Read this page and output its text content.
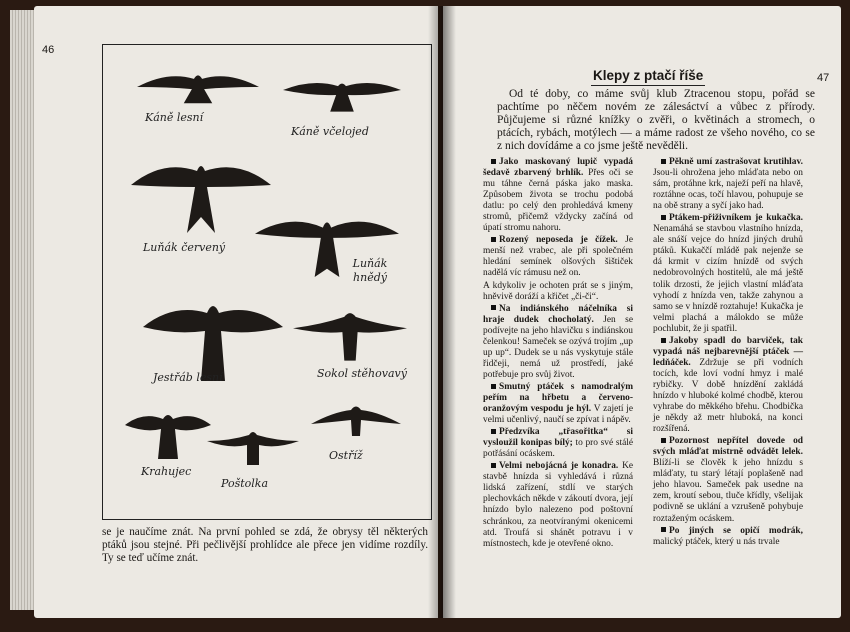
46
Káně lesní
Káně včelojed
Luňák červený
Luňák hnědý
Jestřáb lesní	Sokol stěhovavý
Krahujec
Poštolka
Ostříž
se je naučíme znát. Na první pohled se zdá, že obrysy těl některých ptáků jsou stejné. Při pečlivější prohlídce ale přece jen vidíme rozdíly. Ty se teď učíme znát.
Klepy z ptačí říše	47
Od té doby, co máme svůj klub Ztracenou stopu, pořád se pachtíme po něčem novém ze zálesáctví a vůbec z přírody. Půjčujeme si různé knížky o zvěři, o květinách a stromech, o ptácích, rybách, motýlech — a máme radost ze všeho nového, co se z nich dovídáme a co jsme ještě nevěděli.

Jako maskovaný lupič vypadá šedavě zbarvený brhlík. Přes oči se mu táhne černá páska jako maska. Způsobem života se trochu podobá datlu: po celý den prohledává kmeny stromů, přičemž vždycky začíná od úpatí stromu nahoru.

Rozený neposeda je čížek. Je menší než vrabec, ale při společném hledání semínek olšových šištiček nadělá víc rámusu než on.

A kdykoliv je ochoten prát se s jiným, hněvivě doráží a křičet „či-či“.

Na indiánského náčelníka si hraje dudek chocholatý. Jen se podívejte na jeho hlavičku s indiánskou čelenkou! Sameček se ozývá trojím „up up up“. Dudek se u nás vyskytuje stále řidčeji, nemá už prostředí, jaké potřebuje pro svůj život.

Smutný ptáček s namodralým peřím na hřbetu a červeno-oranžovým vespodu je hýl. V zajetí je velmi učenlivý, naučí se zpívat i nápěv.

Předzvíka „třasořitka“ si vysloužil konipas bílý; to pro své stálé potřásání ocáskem.

Velmi nebojácná je konadra. Ke stavbě hnízda si vyhledává i různá lidská zařízení, stdlí ve starých plechovkách někde v zákoutí dvora, její hnízdo bylo nalezeno pod poštovní schránkou, za neotvíranými okenicemi atd. Troufá si shánět potravu i v místnostech, kde je otevřené okno.

Pěkně umí zastrašovat krutihlav. Jsou-li ohrožena jeho mláďata nebo on sám, protáhne krk, naježí peří na hlavě, roztáhne ocas, točí hlavou, pohupuje se na obě strany a syčí jako had.

Ptákem-přiživníkem je kukačka. Nenamáhá se stavbou vlastního hnízda, ale snáší vejce do hnízd jiných druhů ptáků. Kukaččí mládě pak nejenže se dá krmit v cizím hnízdě od svých nedobrovolných hostitelů, ale má ještě tolik drzosti, že jejich vlastní mláďata vyhodí z hnízda ven, takže zahynou a samo se v hnízdě roztahuje! Kukačka je velmi plachá a málokdo se může pochlubit, že ji spatřil.

Jakoby spadl do barviček, tak vypadá náš nejbarevnější ptáček — ledňáček. Zdržuje se při vodních tocích, kde loví vodní hmyz i malé rybičky. V době hnízdění zakládá hnízdo v hluboké kolmé chodbě, kterou vyhrabe do měkkého břehu. Chodbička je někdy až metr hluboká, na konci rozšířená.

Pozornost nepřítel dovede od svých mláďat mistrně odvádět lelek. Blíží-li se člověk k jeho hnízdu s mláďaty, tu starý létají poplašeně nad jeho hlavou. Sameček pak usedne na zem, kroutí sebou, tluče křídly, všelijak podivně se uklání a vzrušeně pohybuje roztaženým ocáskem.

Po jiných se opičí modrák, malický ptáček, který u nás trvale
